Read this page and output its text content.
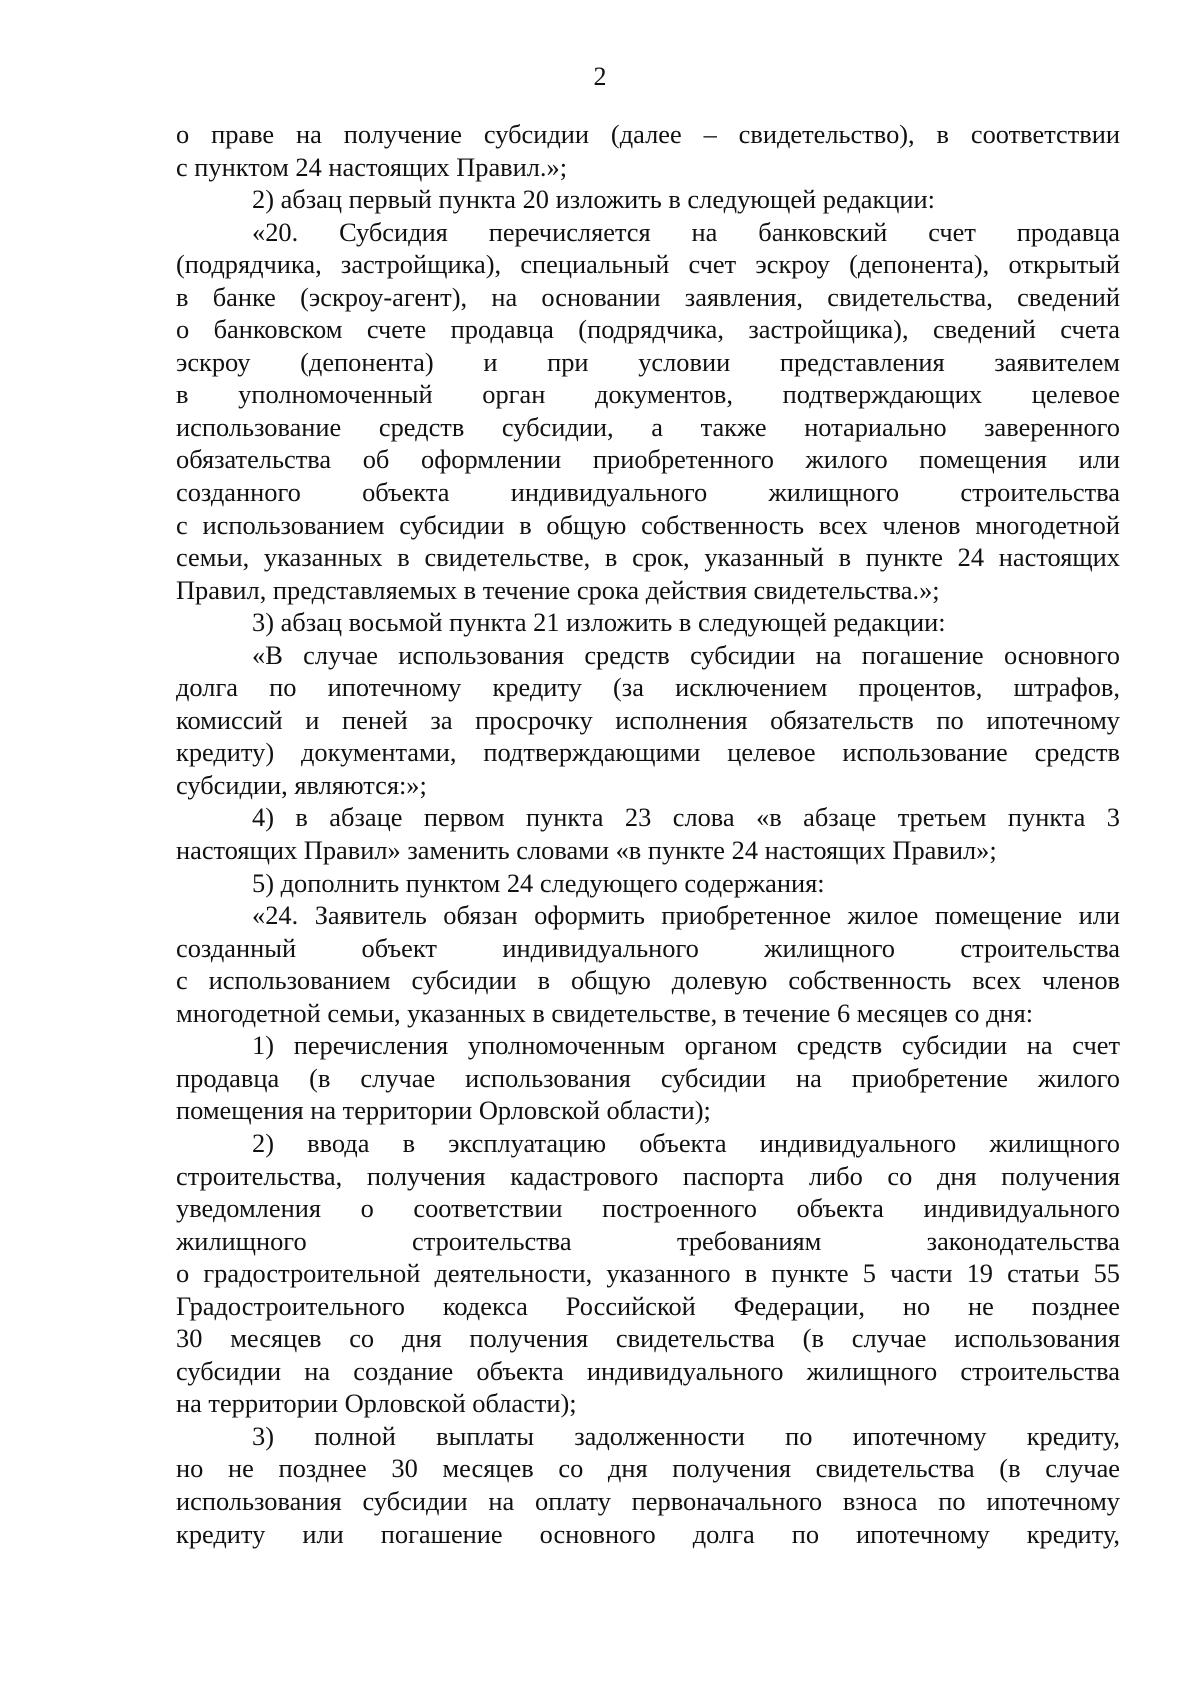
2
о праве на получение субсидии (далее – свидетельство), в соответствии
с пунктом 24 настоящих Правил.»;
2) абзац первый пункта 20 изложить в следующей редакции:
«20. Субсидия перечисляется на банковский счет продавца
(подрядчика, застройщика), специальный счет эскроу (депонента), открытый
в банке (эскроу-агент), на основании заявления, свидетельства, сведений
о банковском счете продавца (подрядчика, застройщика), сведений счета
эскроу (депонента) и при условии представления заявителем
в уполномоченный орган документов, подтверждающих целевое
использование средств субсидии, а также нотариально заверенного
обязательства об оформлении приобретенного жилого помещения или
созданного объекта индивидуального жилищного строительства
с использованием субсидии в общую собственность всех членов многодетной
семьи, указанных в свидетельстве, в срок, указанный в пункте 24 настоящих
Правил, представляемых в течение срока действия свидетельства.»;
3) абзац восьмой пункта 21 изложить в следующей редакции:
«В случае использования средств субсидии на погашение основного
долга по ипотечному кредиту (за исключением процентов, штрафов,
комиссий и пеней за просрочку исполнения обязательств по ипотечному
кредиту) документами, подтверждающими целевое использование средств
субсидии, являются:»;
4) в абзаце первом пункта 23 слова «в абзаце третьем пункта 3
настоящих Правил» заменить словами «в пункте 24 настоящих Правил»;
5) дополнить пунктом 24 следующего содержания:
«24. Заявитель обязан оформить приобретенное жилое помещение или
созданный объект индивидуального жилищного строительства
с использованием субсидии в общую долевую собственность всех членов
многодетной семьи, указанных в свидетельстве, в течение 6 месяцев со дня:
1) перечисления уполномоченным органом средств субсидии на счет
продавца (в случае использования субсидии на приобретение жилого
помещения на территории Орловской области);
2) ввода в эксплуатацию объекта индивидуального жилищного
строительства, получения кадастрового паспорта либо со дня получения
уведомления о соответствии построенного объекта индивидуального
жилищного строительства требованиям законодательства
о градостроительной деятельности, указанного в пункте 5 части 19 статьи 55
Градостроительного кодекса Российской Федерации, но не позднее
30 месяцев со дня получения свидетельства (в случае использования
субсидии на создание объекта индивидуального жилищного строительства
на территории Орловской области);
3) полной выплаты задолженности по ипотечному кредиту,
но не позднее 30 месяцев со дня получения свидетельства (в случае
использования субсидии на оплату первоначального взноса по ипотечному
кредиту или погашение основного долга по ипотечному кредиту,
